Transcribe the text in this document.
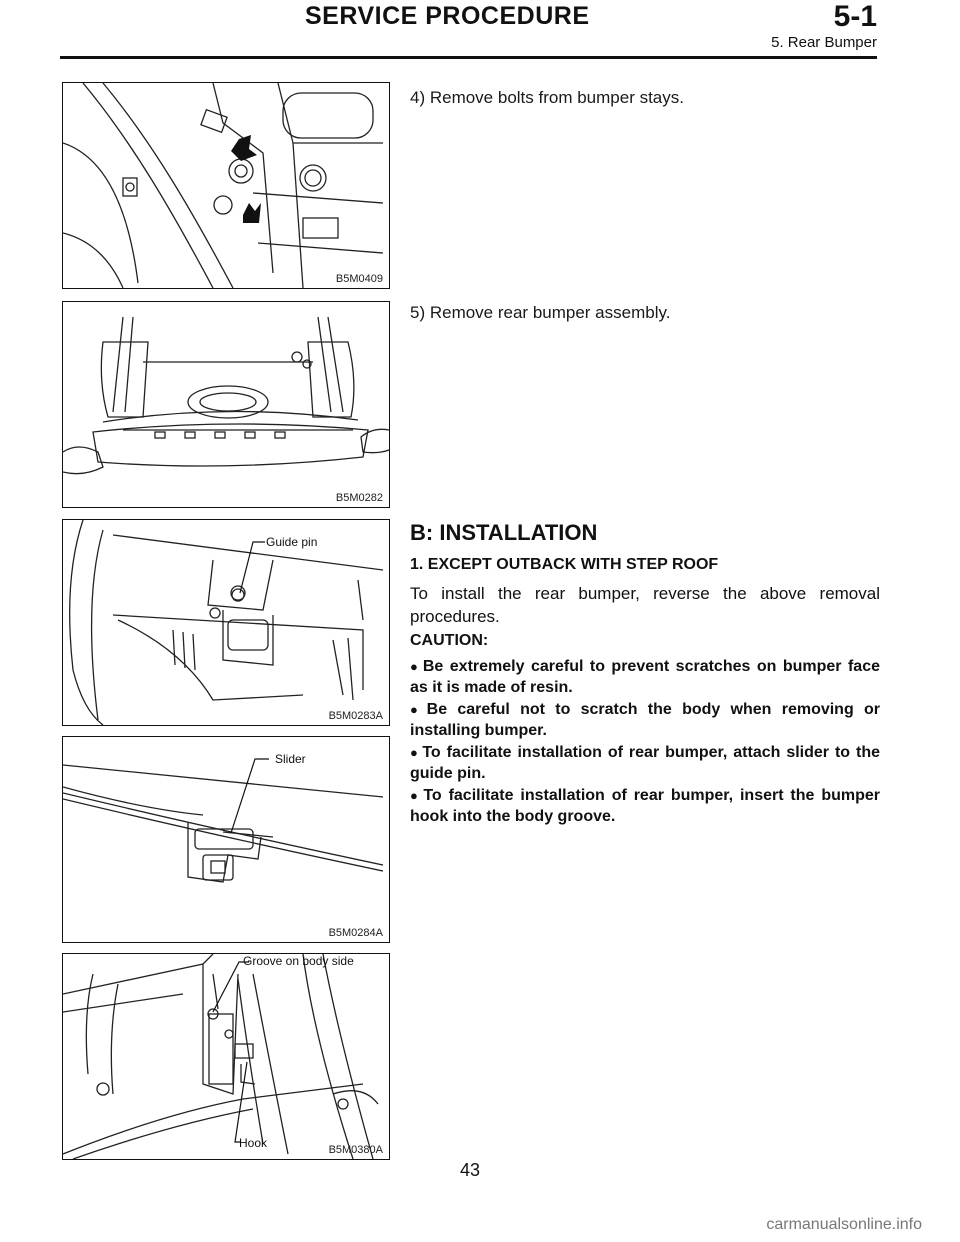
SERVICE PROCEDURE	5-1
5. Rear Bumper
B5M0409
B5M0282
Guide pin
B5M0283A
Slider
B5M0284A
Groove on body side
Hook	B5M0380A
4) Remove bolts from bumper stays.
5) Remove rear bumper assembly.
B: INSTALLATION
1. EXCEPT OUTBACK WITH STEP ROOF
To install the rear bumper, reverse the above removal procedures.
CAUTION:
● Be extremely careful to prevent scratches on bumper face as it is made of resin.
● Be careful not to scratch the body when removing or installing bumper.
● To facilitate installation of rear bumper, attach slider to the guide pin.
● To facilitate installation of rear bumper, insert the bumper hook into the body groove.
43
carmanualsonline.info
